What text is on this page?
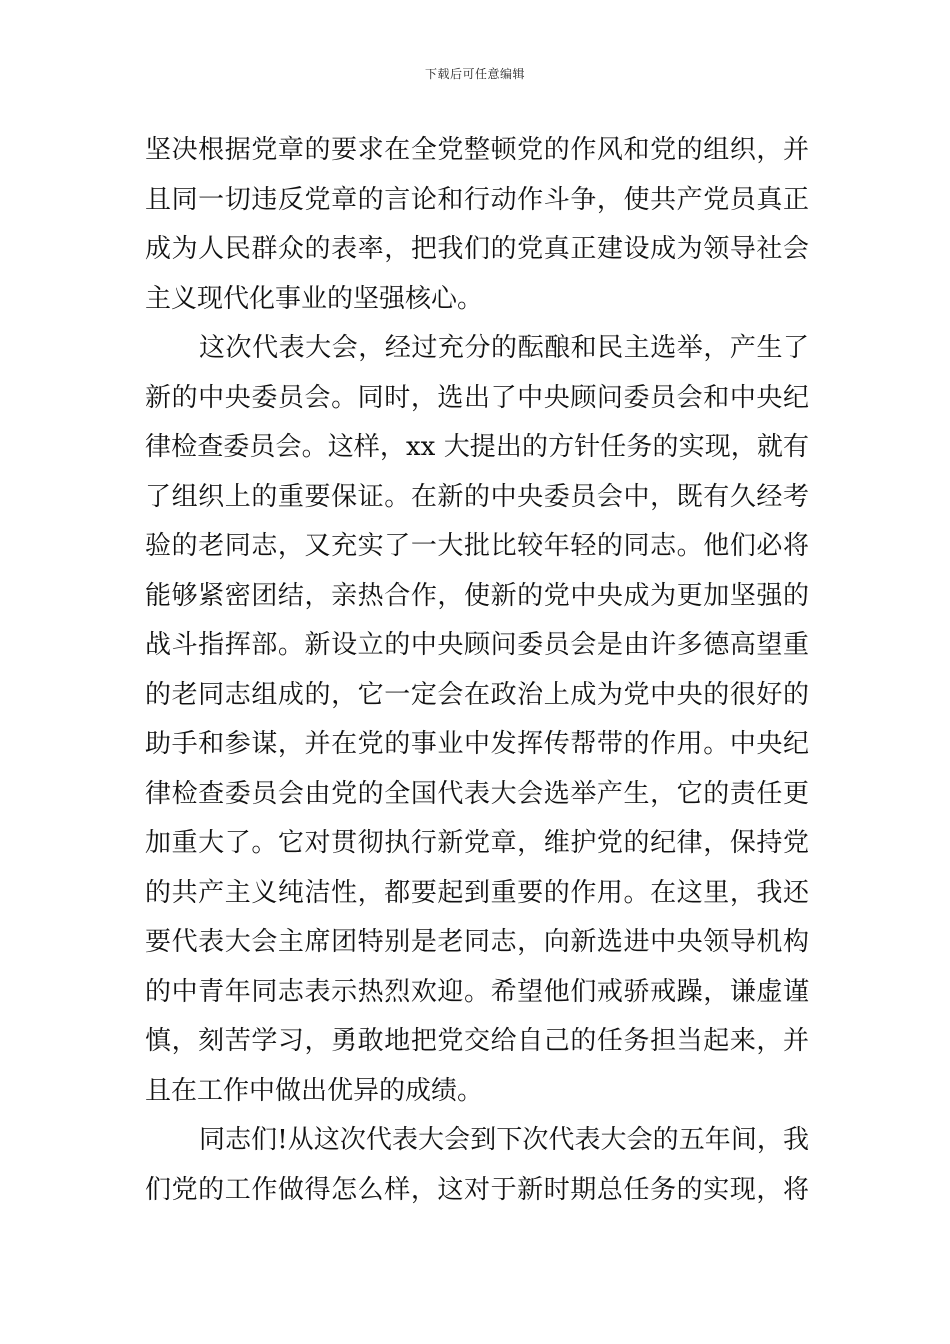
下载后可任意编辑
坚决根据党章的要求在全党整顿党的作风和党的组织，并
且同一切违反党章的言论和行动作斗争，使共产党员真正
成为人民群众的表率，把我们的党真正建设成为领导社会
主义现代化事业的坚强核心。
这次代表大会，经过充分的酝酿和民主选举，产生了
新的中央委员会。同时，选出了中央顾问委员会和中央纪
律检查委员会。这样，xx 大提出的方针任务的实现，就有
了组织上的重要保证。在新的中央委员会中，既有久经考
验的老同志，又充实了一大批比较年轻的同志。他们必将
能够紧密团结，亲热合作，使新的党中央成为更加坚强的
战斗指挥部。新设立的中央顾问委员会是由许多德高望重
的老同志组成的，它一定会在政治上成为党中央的很好的
助手和参谋，并在党的事业中发挥传帮带的作用。中央纪
律检查委员会由党的全国代表大会选举产生，它的责任更
加重大了。它对贯彻执行新党章，维护党的纪律，保持党
的共产主义纯洁性，都要起到重要的作用。在这里，我还
要代表大会主席团特别是老同志，向新选进中央领导机构
的中青年同志表示热烈欢迎。希望他们戒骄戒躁，谦虚谨
慎，刻苦学习，勇敢地把党交给自己的任务担当起来，并
且在工作中做出优异的成绩。
同志们!从这次代表大会到下次代表大会的五年间，我
们党的工作做得怎么样，这对于新时期总任务的实现，将
